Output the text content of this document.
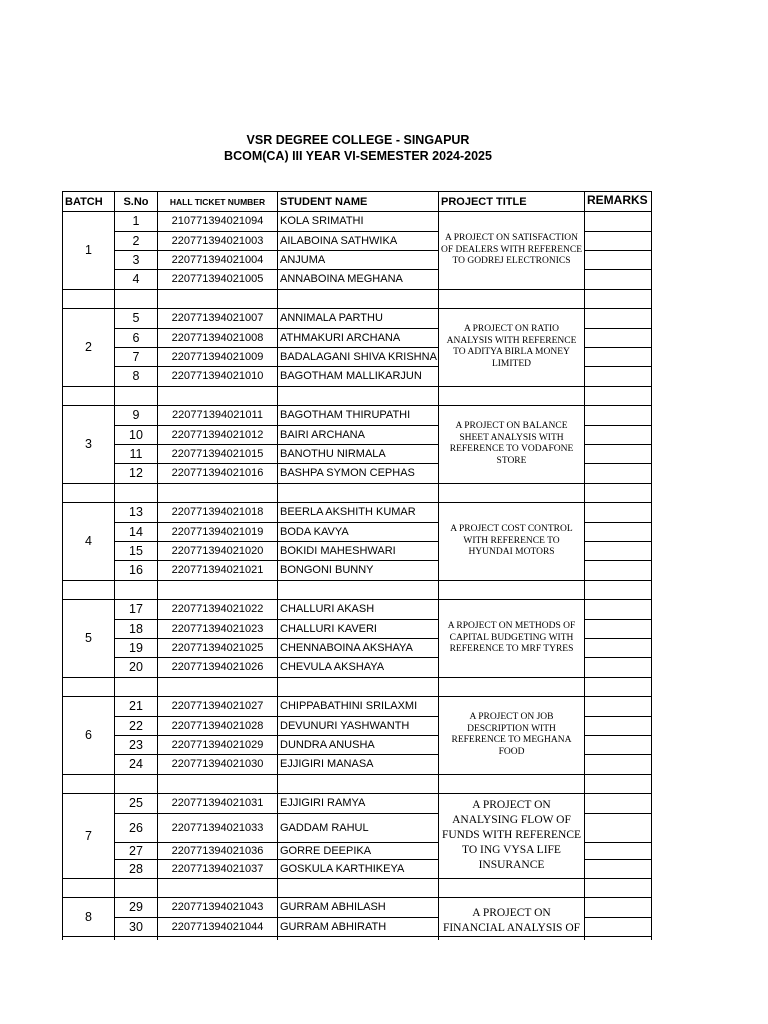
VSR DEGREE COLLEGE - SINGAPUR
BCOM(CA) III YEAR VI-SEMESTER 2024-2025
BATCH	S.No	HALL TICKET NUMBER	STUDENT NAME	PROJECT TITLE	REMARKS
1
A PROJECT ON SATISFACTION OF DEALERS WITH REFERENCE TO GODREJ ELECTRONICS
1	210771394021094	KOLA SRIMATHI
2	220771394021003	AILABOINA SATHWIKA
3	220771394021004	ANJUMA
4	220771394021005	ANNABOINA MEGHANA
2
A PROJECT ON RATIO ANALYSIS WITH REFERENCE TO ADITYA BIRLA MONEY LIMITED
5	220771394021007	ANNIMALA PARTHU
6	220771394021008	ATHMAKURI ARCHANA
7	220771394021009	BADALAGANI SHIVA KRISHNA
8	220771394021010	BAGOTHAM MALLIKARJUN
3
A PROJECT ON BALANCE SHEET ANALYSIS WITH REFERENCE TO VODAFONE STORE
9	220771394021011	BAGOTHAM THIRUPATHI
10	220771394021012	BAIRI ARCHANA
11	220771394021015	BANOTHU NIRMALA
12	220771394021016	BASHPA SYMON CEPHAS
4
A PROJECT COST CONTROL WITH REFERENCE TO HYUNDAI MOTORS
13	220771394021018	BEERLA AKSHITH KUMAR
14	220771394021019	BODA KAVYA
15	220771394021020	BOKIDI MAHESHWARI
16	220771394021021	BONGONI BUNNY
5
A RPOJECT ON METHODS OF CAPITAL BUDGETING WITH REFERENCE TO MRF TYRES
17	220771394021022	CHALLURI AKASH
18	220771394021023	CHALLURI KAVERI
19	220771394021025	CHENNABOINA AKSHAYA
20	220771394021026	CHEVULA AKSHAYA
6
A PROJECT ON JOB DESCRIPTION WITH REFERENCE TO MEGHANA FOOD
21	220771394021027	CHIPPABATHINI SRILAXMI
22	220771394021028	DEVUNURI YASHWANTH
23	220771394021029	DUNDRA ANUSHA
24	220771394021030	EJJIGIRI MANASA
7
A PROJECT ON ANALYSING FLOW OF FUNDS WITH REFERENCE TO ING VYSA LIFE INSURANCE
25	220771394021031	EJJIGIRI RAMYA
26	220771394021033	GADDAM RAHUL
27	220771394021036	GORRE DEEPIKA
28	220771394021037	GOSKULA KARTHIKEYA
8	A PROJECT ON FINANCIAL ANALYSIS OF
29	220771394021043	GURRAM ABHILASH
30	220771394021044	GURRAM ABHIRATH
